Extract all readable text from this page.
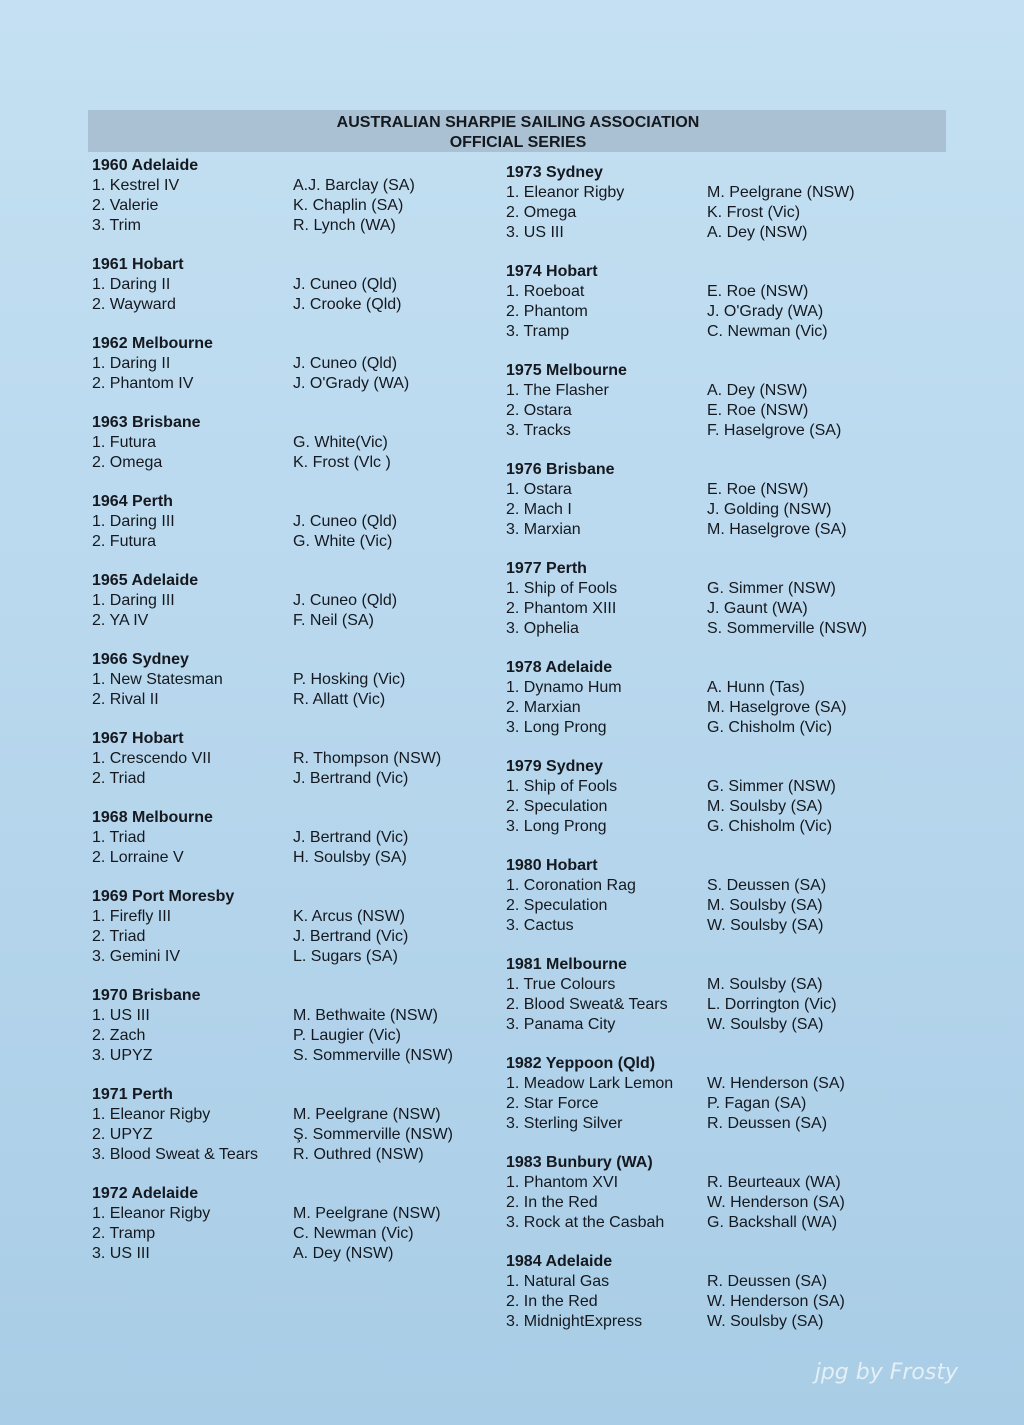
AUSTRALIAN SHARPIE SAILING ASSOCIATION
OFFICIAL SERIES
1960 Adelaide
1. Kestrel IV	A.J. Barclay (SA)
2. Valerie	K. Chaplin (SA)
3. Trim	R. Lynch (WA)
1961 Hobart
1. Daring II	J. Cuneo (Qld)
2. Wayward	J. Crooke (Qld)
1962 Melbourne
1. Daring II	J. Cuneo (Qld)
2. Phantom IV	J. O'Grady (WA)
1963 Brisbane
1. Futura	G. White(Vic)
2. Omega	K. Frost (Vlc )
1964 Perth
1. Daring III	J. Cuneo (Qld)
2. Futura	G. White (Vic)
1965 Adelaide
1. Daring III	J. Cuneo (Qld)
2. YA IV	F. Neil (SA)
1966 Sydney
1. New Statesman	P. Hosking (Vic)
2. Rival II	R. Allatt (Vic)
1967 Hobart
1. Crescendo VII	R. Thompson (NSW)
2. Triad	J. Bertrand (Vic)
1968 Melbourne
1. Triad	J. Bertrand (Vic)
2. Lorraine V	H. Soulsby (SA)
1969 Port Moresby
1. Firefly III	K. Arcus (NSW)
2. Triad	J. Bertrand (Vic)
3. Gemini IV	L. Sugars (SA)
1970 Brisbane
1. US III	M. Bethwaite (NSW)
2. Zach	P. Laugier (Vic)
3. UPYZ	S. Sommerville (NSW)
1971 Perth
1. Eleanor Rigby	M. Peelgrane (NSW)
2. UPYZ	Ş. Sommerville (NSW)
3. Blood Sweat & Tears	R. Outhred (NSW)
1972 Adelaide
1. Eleanor Rigby	M. Peelgrane (NSW)
2. Tramp	C. Newman (Vic)
3. US III	A. Dey (NSW)
1973 Sydney
1. Eleanor Rigby	M. Peelgrane (NSW)
2. Omega	K. Frost (Vic)
3. US III	A. Dey (NSW)
1974 Hobart
1. Roeboat	E. Roe (NSW)
2. Phantom	J. O'Grady (WA)
3. Tramp	C. Newman (Vic)
1975 Melbourne
1. The Flasher	A. Dey (NSW)
2. Ostara	E. Roe (NSW)
3. Tracks	F. Haselgrove (SA)
1976 Brisbane
1. Ostara	E. Roe (NSW)
2. Mach I	J. Golding (NSW)
3. Marxian	M. Haselgrove (SA)
1977 Perth
1. Ship of Fools	G. Simmer (NSW)
2. Phantom XIII	J. Gaunt (WA)
3. Ophelia	S. Sommerville (NSW)
1978 Adelaide
1. Dynamo Hum	A. Hunn (Tas)
2. Marxian	M. Haselgrove (SA)
3. Long Prong	G. Chisholm (Vic)
1979 Sydney
1. Ship of Fools	G. Simmer (NSW)
2. Speculation	M. Soulsby (SA)
3. Long Prong	G. Chisholm (Vic)
1980 Hobart
1. Coronation Rag	S. Deussen (SA)
2. Speculation	M. Soulsby (SA)
3. Cactus	W. Soulsby (SA)
1981 Melbourne
1. True Colours	M. Soulsby (SA)
2. Blood Sweat& Tears	L. Dorrington (Vic)
3. Panama City	W. Soulsby (SA)
1982 Yeppoon (Qld)
1. Meadow Lark Lemon	W. Henderson (SA)
2. Star Force	P. Fagan (SA)
3. Sterling Silver	R. Deussen (SA)
1983 Bunbury (WA)
1. Phantom XVI	R. Beurteaux (WA)
2. In the Red	W. Henderson (SA)
3. Rock at the Casbah	G. Backshall (WA)
1984 Adelaide
1. Natural Gas	R. Deussen (SA)
2. In the Red	W. Henderson (SA)
3. MidnightExpress	W. Soulsby (SA)
jpg by Frosty
